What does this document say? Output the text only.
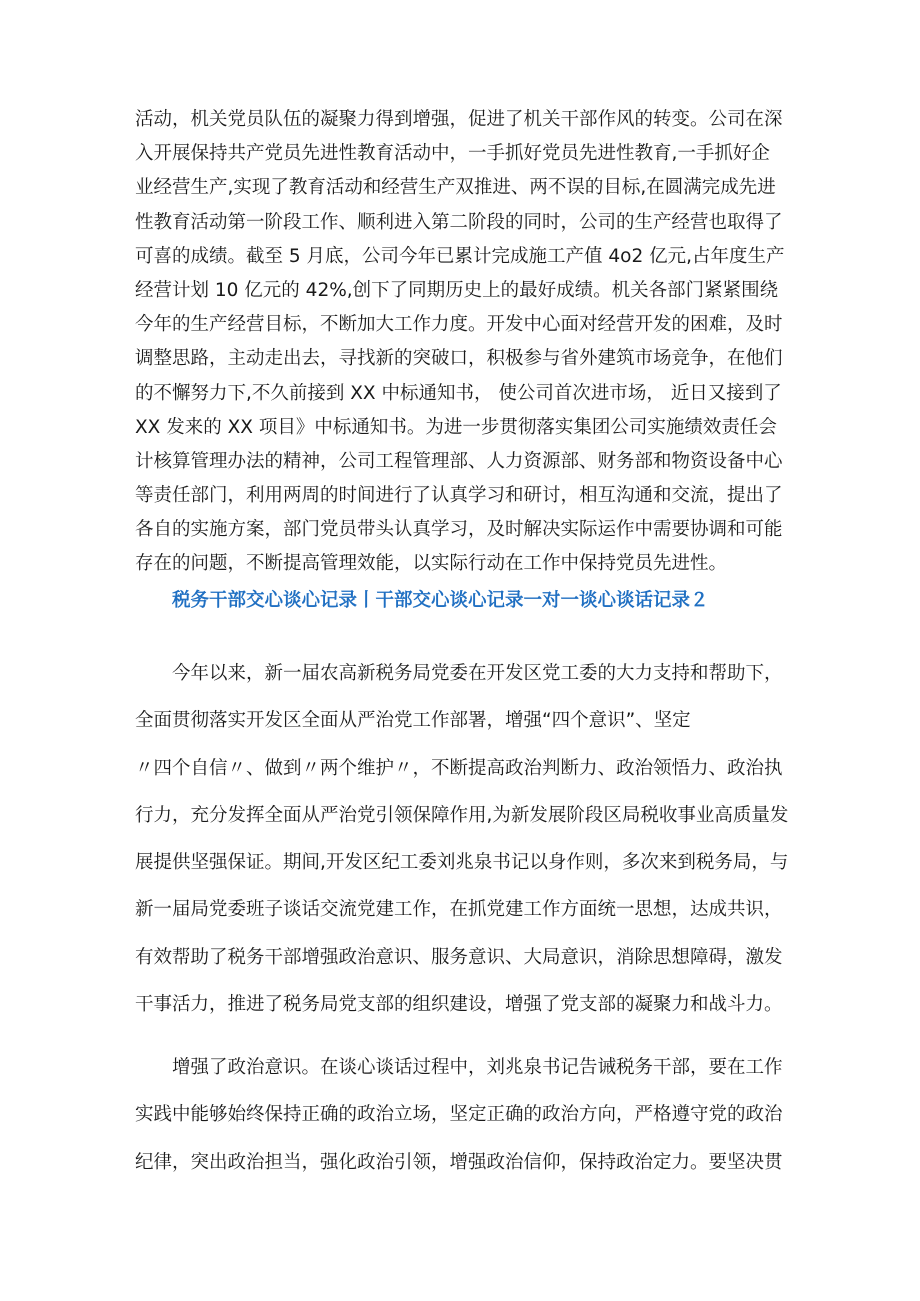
活动，机关党员队伍的凝聚力得到增强，促进了机关干部作风的转变。公司在深
入开展保持共产党员先进性教育活动中，一手抓好党员先进性教育,一手抓好企
业经营生产,实现了教育活动和经营生产双推进、两不误的目标,在圆满完成先进
性教育活动第一阶段工作、顺利进入第二阶段的同时，公司的生产经营也取得了
可喜的成绩。截至 5 月底，公司今年已累计完成施工产值 4o2 亿元,占年度生产
经营计划 10 亿元的 42%,创下了同期历史上的最好成绩。机关各部门紧紧围绕
今年的生产经营目标，不断加大工作力度。开发中心面对经营开发的困难，及时
调整思路，主动走出去，寻找新的突破口，积极参与省外建筑市场竞争，在他们
的不懈努力下,不久前接到 XX 中标通知书， 使公司首次进市场， 近日又接到了
XX 发来的 XX 项目》中标通知书。为进一步贯彻落实集团公司实施绩效责任会
计核算管理办法的精神，公司工程管理部、人力资源部、财务部和物资设备中心
等责任部门，利用两周的时间进行了认真学习和研讨，相互沟通和交流，提出了
各自的实施方案，部门党员带头认真学习，及时解决实际运作中需要协调和可能
存在的问题，不断提高管理效能，以实际行动在工作中保持党员先进性。
税务干部交心谈心记录丨干部交心谈心记录一对一谈心谈话记录２
今年以来，新一届农高新税务局党委在开发区党工委的大力支持和帮助下，
全面贯彻落实开发区全面从严治党工作部署，增强“四个意识”、坚定
〃四个自信〃、做到〃两个维护〃，不断提高政治判断力、政治领悟力、政治执
行力，充分发挥全面从严治党引领保障作用,为新发展阶段区局税收事业高质量发
展提供坚强保证。期间,开发区纪工委刘兆泉书记以身作则，多次来到税务局，与
新一届局党委班子谈话交流党建工作，在抓党建工作方面统一思想，达成共识，
有效帮助了税务干部增强政治意识、服务意识、大局意识，消除思想障碍，激发
干事活力，推进了税务局党支部的组织建设，增强了党支部的凝聚力和战斗力。
增强了政治意识。在谈心谈话过程中，刘兆泉书记告诫税务干部，要在工作
实践中能够始终保持正确的政治立场，坚定正确的政治方向，严格遵守党的政治
纪律，突出政治担当，强化政治引领，增强政治信仰，保持政治定力。要坚决贯
